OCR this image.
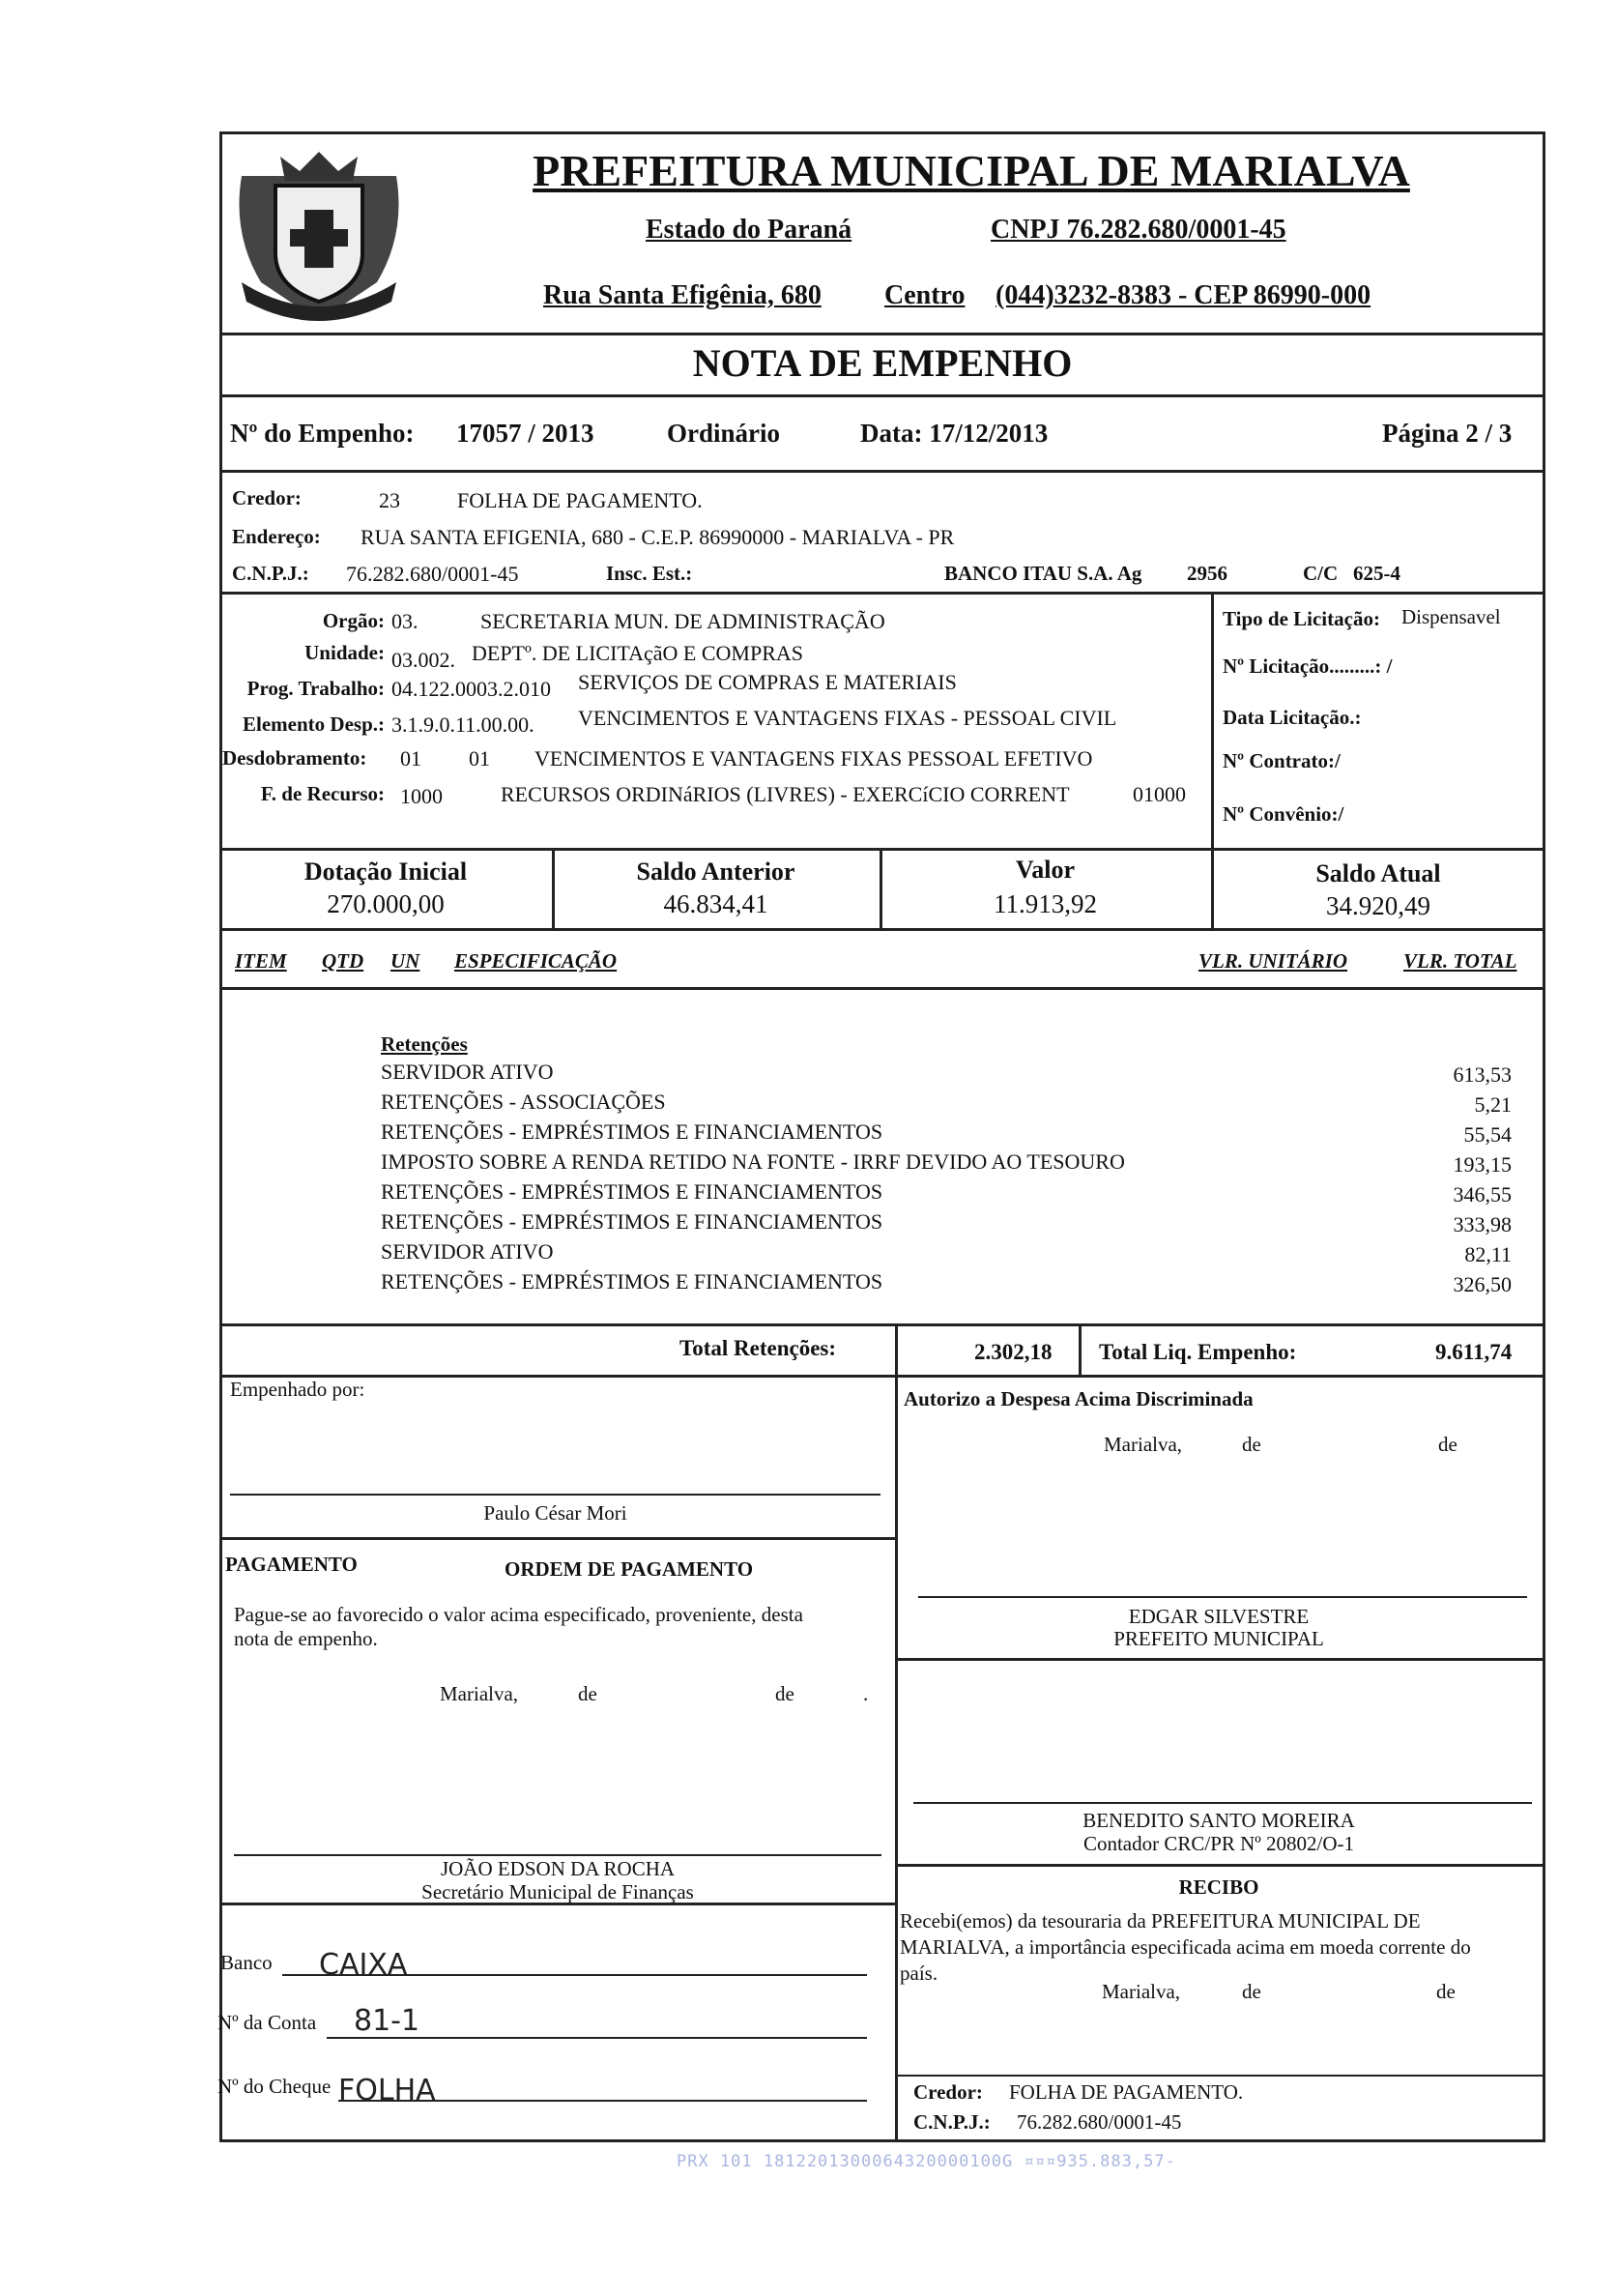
PREFEITURA MUNICIPAL DE MARIALVA
Estado do Paraná	CNPJ 76.282.680/0001-45
Rua Santa Efigênia, 680 Centro (044)3232-8383 - CEP 86990-000
NOTA DE EMPENHO
Nº do Empenho: 17057 / 2013	Ordinário	Data: 17/12/2013	Página 2 / 3
Credor:	23	FOLHA DE PAGAMENTO.
Endereço: RUA SANTA EFIGENIA, 680 - C.E.P. 86990000 - MARIALVA - PR
C.N.P.J.: 76.282.680/0001-45	Insc. Est.:	BANCO ITAU S.A. Ag 2956	C/C 625-4
Orgão: 03.	SECRETARIA MUN. DE ADMINISTRAÇÃO
Unidade: 03.002. DEPTº. DE LICITAçãO E COMPRAS
Prog. Trabalho: 04.122.0003.2.010 SERVIÇOS DE COMPRAS E MATERIAIS
Elemento Desp.: 3.1.9.0.11.00.00. VENCIMENTOS E VANTAGENS FIXAS - PESSOAL CIVIL
Desdobramento: 01 01 VENCIMENTOS E VANTAGENS FIXAS PESSOAL EFETIVO
F. de Recurso: 1000	RECURSOS ORDINáRIOS (LIVRES) - EXERCíCIO CORRENT	01000
Tipo de Licitação: Dispensavel
Nº Licitação.........: /
Data Licitação.:
Nº Contrato:/
Nº Convênio:/
Dotação Inicial
270.000,00
Saldo Anterior
46.834,41
Valor
11.913,92
Saldo Atual
34.920,49
ITEM QTD UN ESPECIFICAÇÃO	VLR. UNITÁRIO	VLR. TOTAL
Retenções
SERVIDOR ATIVO	613,53
RETENÇÕES - ASSOCIAÇÕES	5,21
RETENÇÕES - EMPRÉSTIMOS E FINANCIAMENTOS	55,54
IMPOSTO SOBRE A RENDA RETIDO NA FONTE - IRRF DEVIDO AO TESOURO	193,15
RETENÇÕES - EMPRÉSTIMOS E FINANCIAMENTOS	346,55
RETENÇÕES - EMPRÉSTIMOS E FINANCIAMENTOS	333,98
SERVIDOR ATIVO	82,11
RETENÇÕES - EMPRÉSTIMOS E FINANCIAMENTOS	326,50
Total Retenções:	2.302,18 Total Liq. Empenho:	9.611,74
Empenhado por:
Paulo César Mori
PAGAMENTO	ORDEM DE PAGAMENTO
Pague-se ao favorecido o valor acima especificado, proveniente, desta
nota de empenho.
Marialva,	de	de	.
JOÃO EDSON DA ROCHA
Secretário Municipal de Finanças
Banco CAIXA
Nº da Conta 81-1
Nº do Cheque FOLHA
Autorizo a Despesa Acima Discriminada
Marialva,	de	de
EDGAR SILVESTRE
PREFEITO MUNICIPAL
BENEDITO SANTO MOREIRA
Contador CRC/PR Nº 20802/O-1
RECIBO
Recebi(emos) da tesouraria da PREFEITURA MUNICIPAL DE
MARIALVA, a importância especificada acima em moeda corrente do
país.
Marialva,	de	de
Credor: FOLHA DE PAGAMENTO.
C.N.P.J.: 76.282.680/0001-45
PRX 101 1812201300064320000100G ¤¤¤935.883,57-
